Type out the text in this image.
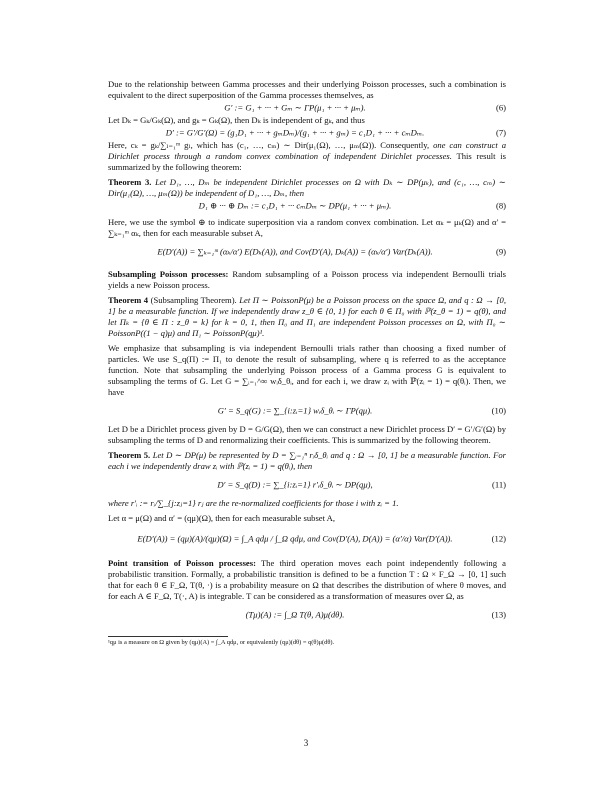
Due to the relationship between Gamma processes and their underlying Poisson processes, such a combination is equivalent to the direct superposition of the Gamma processes themselves, as

G′ := G₁ + ··· + Gₘ ∼ ΓP(μ₁ + ··· + μₘ).	(6)

Let Dₖ = Gₖ/Gₖ(Ω), and gₖ = Gₖ(Ω), then Dₖ is independent of gₖ, and thus

D′ := G′/G′(Ω) = (g₁D₁ + ··· + gₘDₘ)/(g₁ + ··· + gₘ) = c₁D₁ + ··· + cₘDₘ.	(7)

Here, cₖ = gₖ/∑ₗ₌₁ᵐ gₗ, which has (c₁, …, cₘ) ∼ Dir(μ₁(Ω), …, μₘ(Ω)). Consequently, one can construct a Dirichlet process through a random convex combination of independent Dirichlet processes. This result is summarized by the following theorem:

Theorem 3. Let D₁, …, Dₘ be independent Dirichlet processes on Ω with Dₖ ∼ DP(μₖ), and (c₁, …, cₘ) ∼ Dir(μ₁(Ω), …, μₘ(Ω)) be independent of D₁, …, Dₘ, then

D₁ ⊕ ··· ⊕ Dₘ := c₁D₁ + ··· cₘDₘ ∼ DP(μ₁ + ··· + μₘ).	(8)

Here, we use the symbol ⊕ to indicate superposition via a random convex combination. Let αₖ = μₖ(Ω) and α′ = ∑ₖ₌₁ᵐ αₖ, then for each measurable subset A,

E(D′(A)) = ∑ₖ₌₁ᵐ (αₖ/α′) E(Dₖ(A)), and Cov(D′(A), Dₖ(A)) = (αₖ/α′) Var(Dₖ(A)).	(9)

Subsampling Poisson processes: Random subsampling of a Poisson process via independent Bernoulli trials yields a new Poisson process.

Theorem 4 (Subsampling Theorem). Let Π ∼ PoissonP(μ) be a Poisson process on the space Ω, and q : Ω → [0, 1] be a measurable function. If we independently draw z_θ ∈ {0, 1} for each θ ∈ Π₀ with ℙ(z_θ = 1) = q(θ), and let Πₖ = {θ ∈ Π : z_θ = k} for k = 0, 1, then Π₀ and Π₁ are independent Poisson processes on Ω, with Π₀ ∼ PoissonP((1 − q)μ) and Π₁ ∼ PoissonP(qμ)¹.

We emphasize that subsampling is via independent Bernoulli trials rather than choosing a fixed number of particles. We use S_q(Π) := Π₁ to denote the result of subsampling, where q is referred to as the acceptance function. Note that subsampling the underlying Poisson process of a Gamma process G is equivalent to subsampling the terms of G. Let G = ∑ᵢ₌₁^∞ wᵢδ_θᵢ, and for each i, we draw zᵢ with ℙ(zᵢ = 1) = q(θᵢ). Then, we have

G′ = S_q(G) := ∑_{i:zᵢ=1} wᵢδ_θᵢ ∼ ΓP(qμ).	(10)

Let D be a Dirichlet process given by D = G/G(Ω), then we can construct a new Dirichlet process D′ = G′/G′(Ω) by subsampling the terms of D and renormalizing their coefficients. This is summarized by the following theorem.

Theorem 5. Let D ∼ DP(μ) be represented by D = ∑ᵢ₌₁ⁿ rᵢδ_θᵢ and q : Ω → [0, 1] be a measurable function. For each i we independently draw zᵢ with ℙ(zᵢ = 1) = q(θᵢ), then

D′ = S_q(D) := ∑_{i:zᵢ=1} r′ᵢδ_θᵢ ∼ DP(qμ),	(11)

where r′ᵢ := rᵢ/∑_{j:zⱼ=1} rⱼ are the re-normalized coefficients for those i with zᵢ = 1.

Let α = μ(Ω) and α′ = (qμ)(Ω), then for each measurable subset A,

E(D′(A)) = (qμ)(A)/(qμ)(Ω) = ∫_A qdμ / ∫_Ω qdμ, and Cov(D′(A), D(A)) = (α′/α) Var(D′(A)).	(12)

Point transition of Poisson processes: The third operation moves each point independently following a probabilistic transition. Formally, a probabilistic transition is defined to be a function T : Ω × F_Ω → [0, 1] such that for each θ ∈ F_Ω, T(θ, ·) is a probability measure on Ω that describes the distribution of where θ moves, and for each A ∈ F_Ω, T(·, A) is integrable. T can be considered as a transformation of measures over Ω, as

(Tμ)(A) := ∫_Ω T(θ, A)μ(dθ).	(13)

¹qμ is a measure on Ω given by (qμ)(A) = ∫_A qdμ, or equivalently (qμ)(dθ) = q(θ)μ(dθ).

3
